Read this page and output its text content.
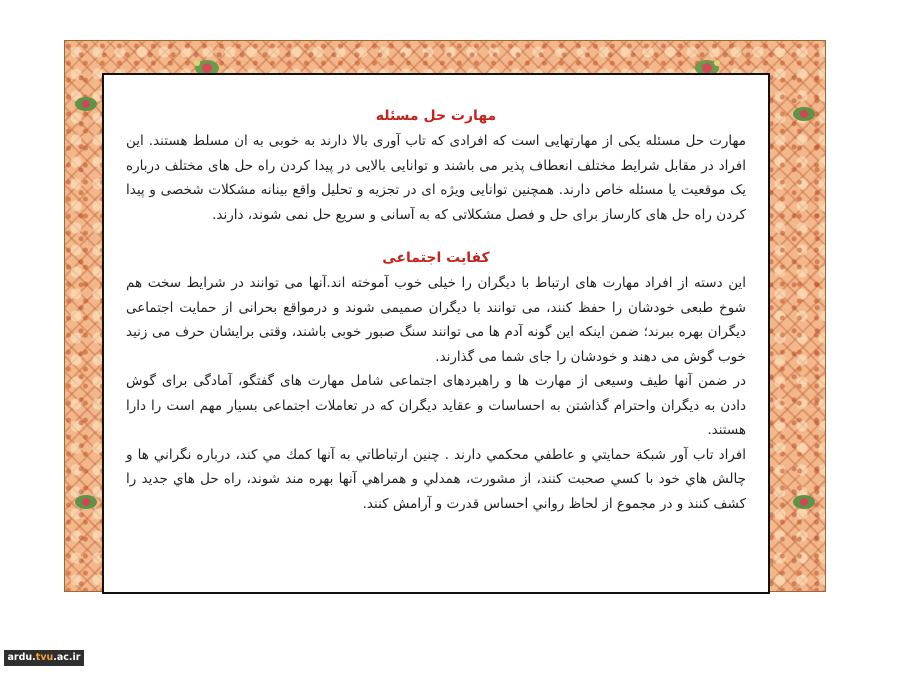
مهارت حل مسئله

مهارت حل مسئله یکی از مهارتهایی است که افرادی که تاب آوری بالا دارند به خوبی به ان مسلط هستند. این افراد در مقابل شرایط مختلف انعطاف پذیر می باشند و توانایی بالایی در پیدا کردن راه حل های مختلف درباره یک موقعیت یا مسئله خاص دارند. همچنین توانایی ویژه ای در تجزیه و تحلیل واقع بینانه مشکلات شخصی و پیدا کردن راه حل های کارساز برای حل و فصل مشکلاتی که به آسانی و سریع حل نمی شوند، دارند.

کفایت اجتماعی

این دسته از افراد مهارت های ارتباط با دیگران را خیلی خوب آموخته اند.آنها می توانند در شرایط سخت هم شوخ طبعی خودشان را حفظ کنند، می توانند با دیگران صمیمی شوند و درمواقع بحرانی از حمایت اجتماعی دیگران بهره ببرند؛ ضمن اینکه این گونه آدم ها می توانند سنگ صبور خوبی باشند، وقتی برایشان حرف می زنید خوب گوش می دهند و خودشان را جای شما می گذارند.

در ضمن آنها طیف وسیعی از مهارت ها و راهبردهای اجتماعی شامل مهارت های گفتگو، آمادگی برای گوش دادن به دیگران واحترام گذاشتن به احساسات و عقاید دیگران که در تعاملات اجتماعی بسیار مهم است را دارا هستند.

افراد تاب آور شبكة حمايتي و عاطفي محكمي دارند . چنين ارتباطاتي به آنها كمك مي كند، درباره نگراني ها و چالش هاي خود با كسي صحبت كنند، از مشورت، همدلي و همراهي آنها بهره مند شوند، راه حل هاي جديد را كشف كنند و در مجموع از لحاظ رواني احساس قدرت و آرامش كنند.

ardu.tvu.ac.ir
